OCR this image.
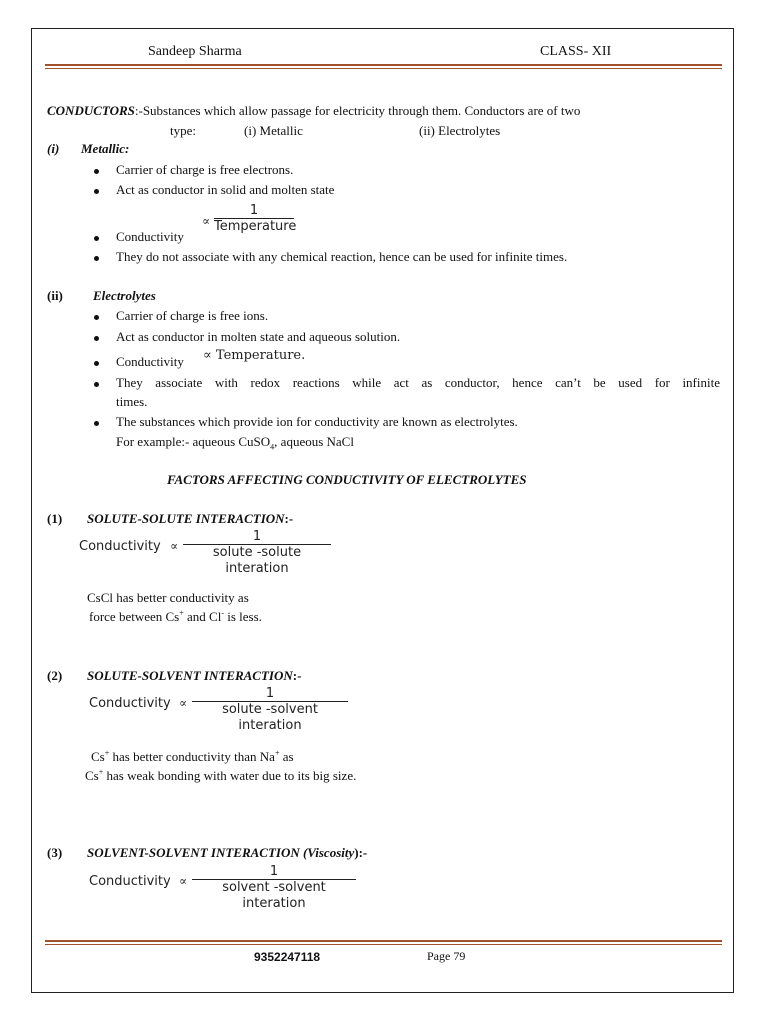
Sandeep Sharma	CLASS- XII
CONDUCTORS:-Substances which allow passage for electricity through them. Conductors are of two
type:	(i) Metallic	(ii) Electrolytes
(i) Metallic:
Carrier of charge is free electrons.
Act as conductor in solid and molten state
∝
1
Temperature
Conductivity
They do not associate with any chemical reaction, hence can be used for infinite times.
(ii) Electrolytes
Carrier of charge is free ions.
Act as conductor in molten state and aqueous solution.
Conductivity ∝ Temperature.
They associate with redox reactions while act as conductor, hence can’t be used for infinite
times.
The substances which provide ion for conductivity are known as electrolytes.
For example:- aqueous CuSO$_4$, aqueous NaCl
FACTORS AFFECTING CONDUCTIVITY OF ELECTROLYTES
(1) SOLUTE-SOLUTE INTERACTION:-
Conductivity ∝
1
solute -solute interation
CsCl has better conductivity as
force between Cs+ and Cl- is less.
(2) SOLUTE-SOLVENT INTERACTION:-
Conductivity ∝
1
solute -solvent interation
Cs+ has better conductivity than Na+ as
Cs+ has weak bonding with water due to its big size.
(3) SOLVENT-SOLVENT INTERACTION (Viscosity):-
Conductivity ∝
1
solvent -solvent interation
9352247118	Page 79
